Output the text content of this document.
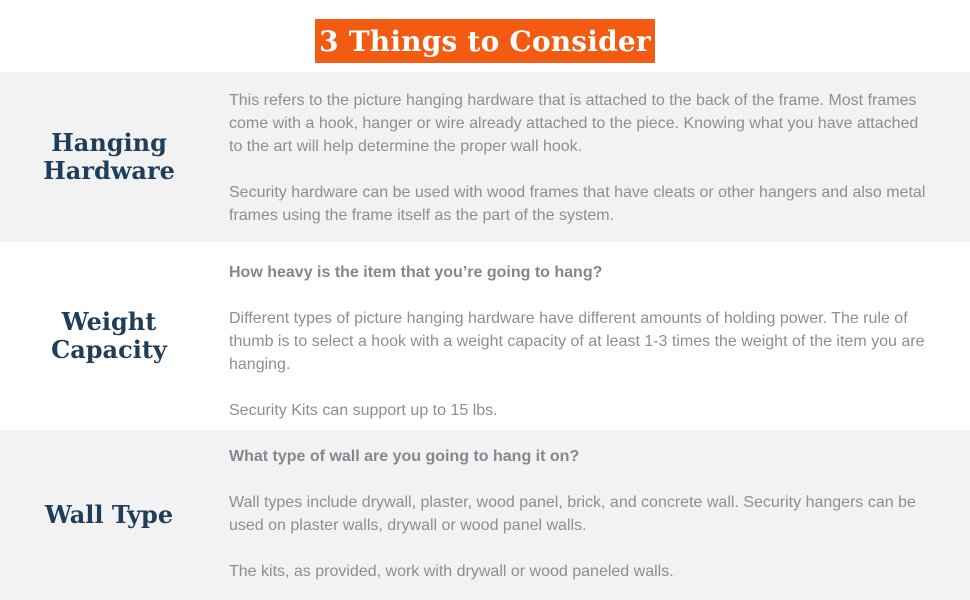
3 Things to Consider
Hanging
Hardware

This refers to the picture hanging hardware that is attached to the back of the frame. Most frames come with a hook, hanger or wire already attached to the piece. Knowing what you have attached to the art will help determine the proper wall hook.

Security hardware can be used with wood frames that have cleats or other hangers and also metal frames using the frame itself as the part of the system.

Weight
Capacity

How heavy is the item that you’re going to hang?

Different types of picture hanging hardware have different amounts of holding power. The rule of thumb is to select a hook with a weight capacity of at least 1-3 times the weight of the item you are hanging.

Security Kits can support up to 15 lbs.

Wall Type

What type of wall are you going to hang it on?

Wall types include drywall, plaster, wood panel, brick, and concrete wall. Security hangers can be used on plaster walls, drywall or wood panel walls.

The kits, as provided, work with drywall or wood paneled walls.
